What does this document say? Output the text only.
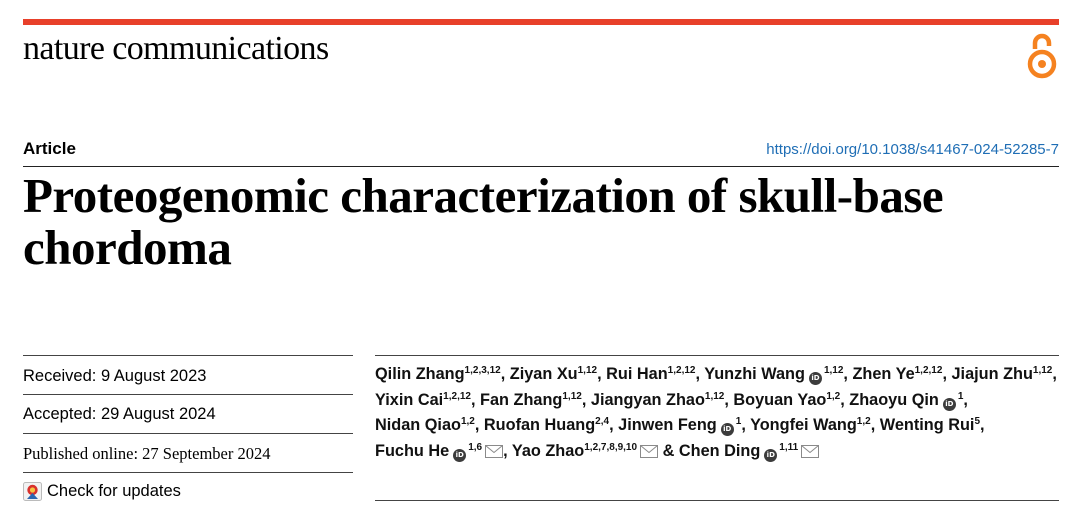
nature communications
Article	https://doi.org/10.1038/s41467-024-52285-7
Proteogenomic characterization of skull-base chordoma
Received: 9 August 2023
Accepted: 29 August 2024
Published online: 27 September 2024
Check for updates
Qilin Zhang$^{1,2,3,12}$, Ziyan Xu$^{1,12}$, Rui Han$^{1,2,12}$, Yunzhi Wang iD$^{1,12}$, Zhen Ye$^{1,2,12}$, Jiajun Zhu$^{1,12}$, Yixin Cai$^{1,2,12}$, Fan Zhang$^{1,12}$, Jiangyan Zhao$^{1,12}$, Boyuan Yao$^{1,2}$, Zhaoyu Qin $iD^1$, Nidan Qiao$^{1,2}$, Ruofan Huang$^{2,4}$, Jinwen Feng $iD^1$, Yongfei Wang$^{1,2}$, Wenting Rui$^5$, Fuchu He iD$^{1,6}$ , Yao Zhao$^{1,2,7,8,9,10}$ & Chen Ding iD$^{1,11}$
